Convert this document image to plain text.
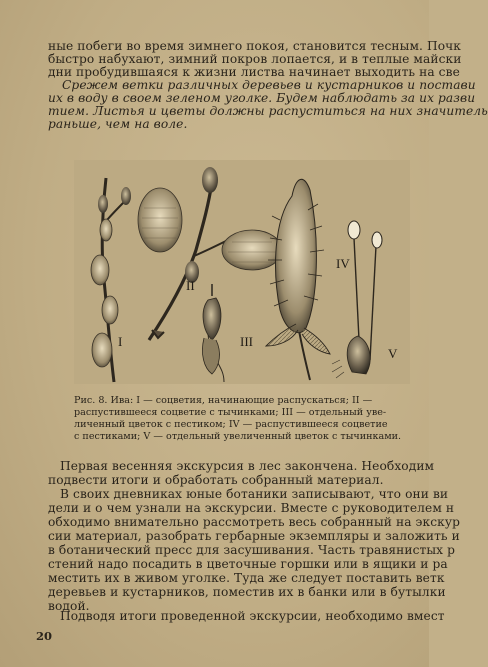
ные побеги во время зимнего покоя, становится тесным. Почк
быстро набухают, зимний покров лопается, и в теплые майски
дни пробудившаяся к жизни листва начинает выходить на све
Срежем ветки различных деревьев и кустарников и постави
их в воду в своем зеленом уголке. Будем наблюдать за их разви
тием. Листья и цветы должны распуститься на них значитель
раньше, чем на воле.
I
II
III
IV
V
Рис. 8. Ива: I — соцветия, начинающие распускаться; II —
распустившееся соцветие с тычинками; III — отдельный уве-
личенный цветок с пестиком; IV — распустившееся соцветие
с пестиками; V — отдельный увеличенный цветок с тычинками.
Первая весенняя экскурсия в лес закончена. Необходим
подвести итоги и обработать собранный материал.
В своих дневниках юные ботаники записывают, что они ви
дели и о чем узнали на экскурсии. Вместе с руководителем н
обходимо внимательно рассмотреть весь собранный на экскур
сии материал, разобрать гербарные экземпляры и заложить и
в ботанический пресс для засушивания. Часть травянистых р
стений надо посадить в цветочные горшки или в ящики и ра
местить их в живом уголке. Туда же следует поставить ветк
деревьев и кустарников, поместив их в банки или в бутылки
водой.
Подводя итоги проведенной экскурсии, необходимо вмест
20
